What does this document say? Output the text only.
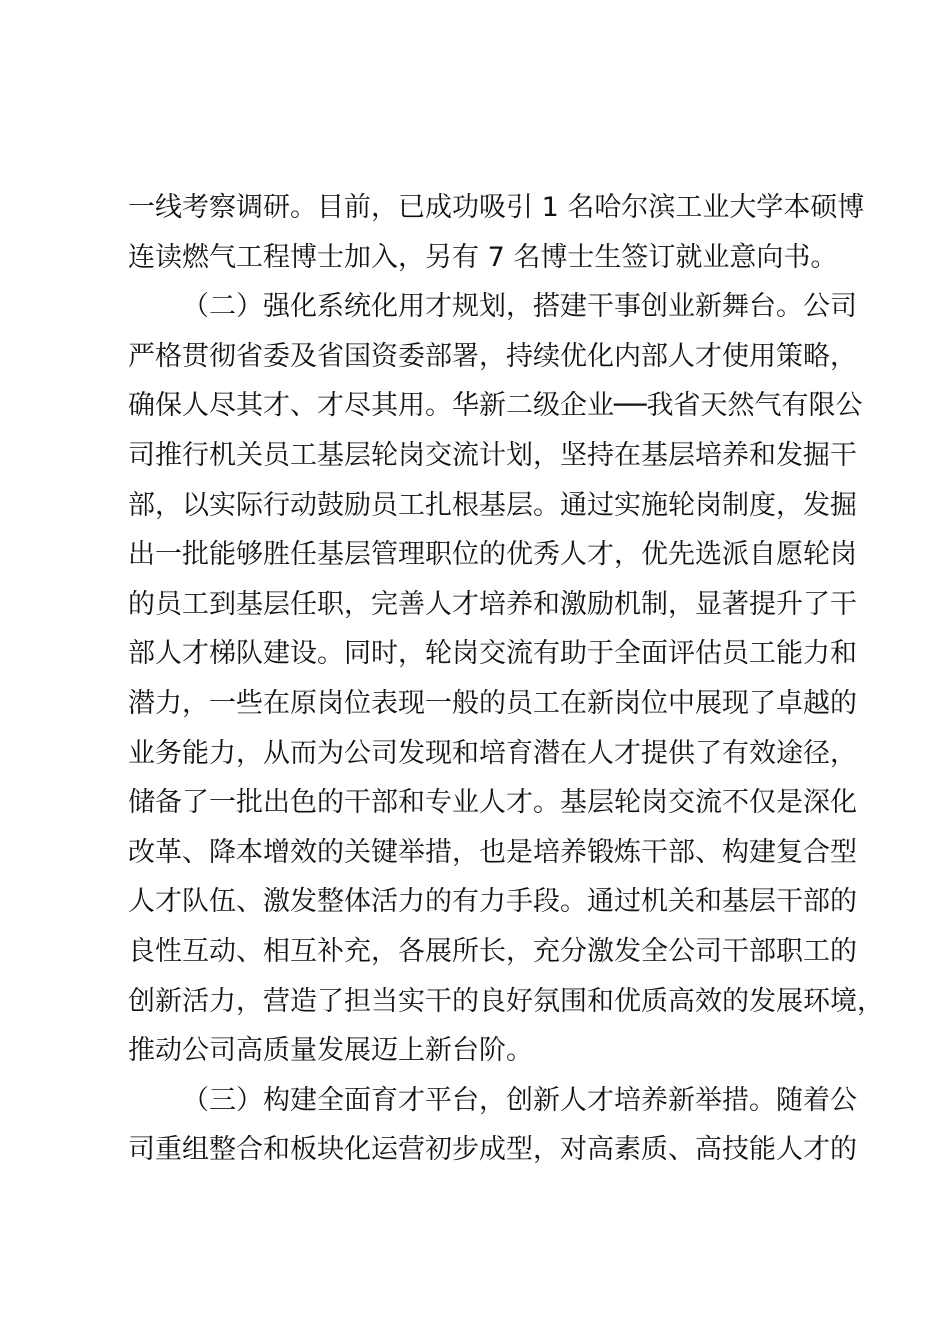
一线考察调研。目前，已成功吸引 1 名哈尔滨工业大学本硕博
连读燃气工程博士加入，另有 7 名博士生签订就业意向书。
（二）强化系统化用才规划，搭建干事创业新舞台。公司
严格贯彻省委及省国资委部署，持续优化内部人才使用策略，
确保人尽其才、才尽其用。华新二级企业──我省天然气有限公
司推行机关员工基层轮岗交流计划，坚持在基层培养和发掘干
部，以实际行动鼓励员工扎根基层。通过实施轮岗制度，发掘
出一批能够胜任基层管理职位的优秀人才，优先选派自愿轮岗
的员工到基层任职，完善人才培养和激励机制，显著提升了干
部人才梯队建设。同时，轮岗交流有助于全面评估员工能力和
潜力，一些在原岗位表现一般的员工在新岗位中展现了卓越的
业务能力，从而为公司发现和培育潜在人才提供了有效途径，
储备了一批出色的干部和专业人才。基层轮岗交流不仅是深化
改革、降本增效的关键举措，也是培养锻炼干部、构建复合型
人才队伍、激发整体活力的有力手段。通过机关和基层干部的
良性互动、相互补充，各展所长，充分激发全公司干部职工的
创新活力，营造了担当实干的良好氛围和优质高效的发展环境，
推动公司高质量发展迈上新台阶。
（三）构建全面育才平台，创新人才培养新举措。随着公
司重组整合和板块化运营初步成型，对高素质、高技能人才的
